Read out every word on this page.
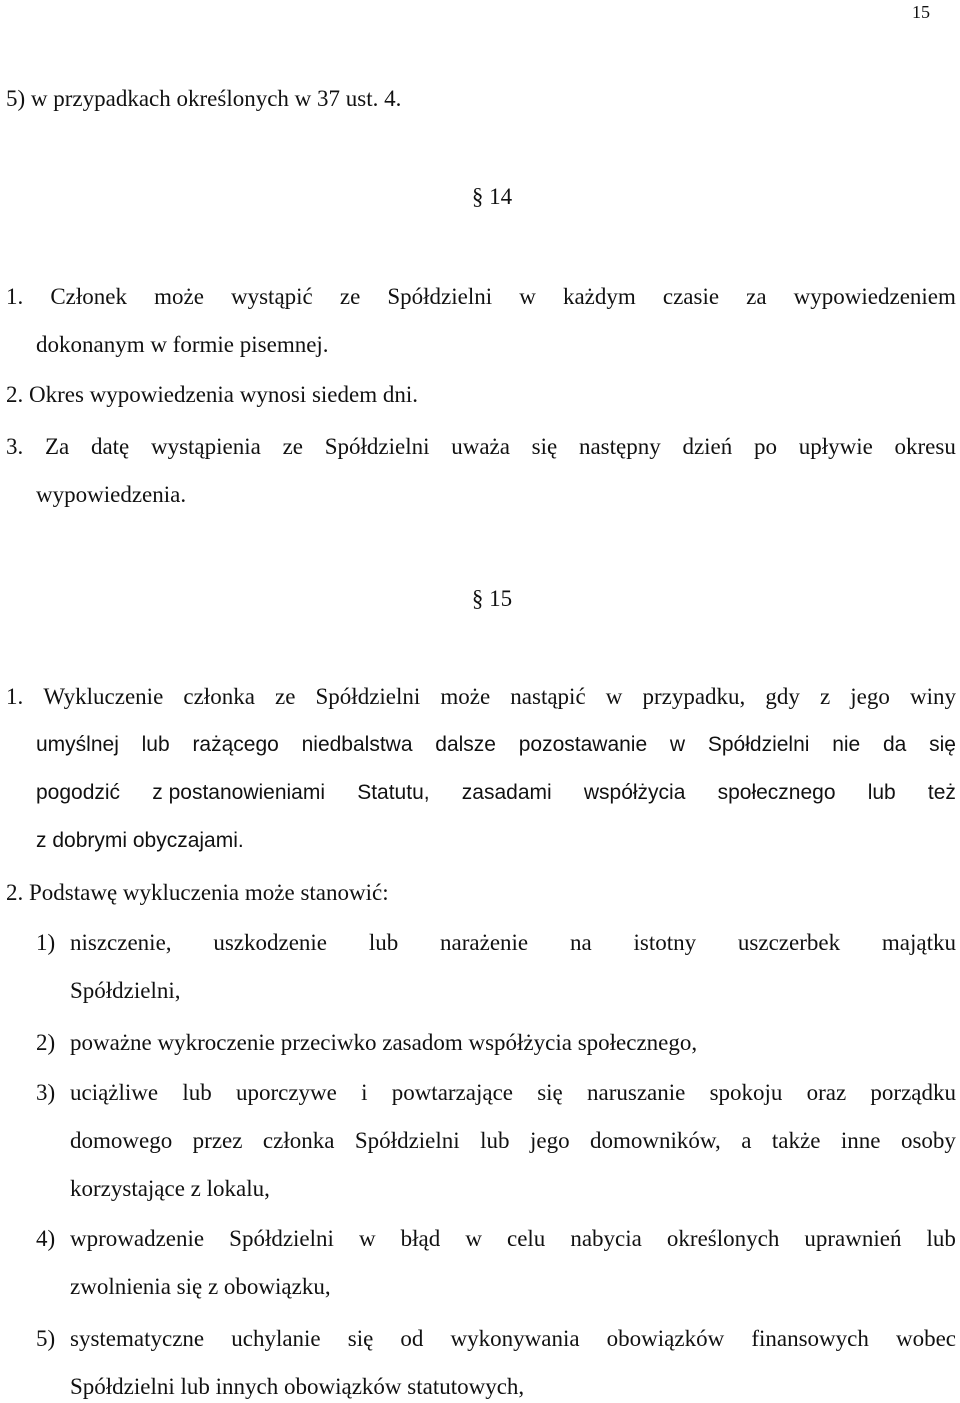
15
5) w przypadkach określonych w 37 ust. 4.
§ 14
1. Członek może wystąpić ze Spółdzielni w każdym czasie za wypowiedzeniem
dokonanym w formie pisemnej.
2. Okres wypowiedzenia wynosi siedem dni.
3. Za datę wystąpienia ze Spółdzielni uważa się następny dzień po upływie okresu
wypowiedzenia.
§ 15
1. Wykluczenie członka ze Spółdzielni może nastąpić w przypadku, gdy z jego winy
umyślnej lub rażącego niedbalstwa dalsze pozostawanie w Spółdzielni nie da się
pogodzić z postanowieniami Statutu, zasadami współżycia społecznego lub też
z dobrymi obyczajami.
2. Podstawę wykluczenia może stanowić:
1) niszczenie, uszkodzenie lub narażenie na istotny uszczerbek majątku
Spółdzielni,
2) poważne wykroczenie przeciwko zasadom współżycia społecznego,
3) uciążliwe lub uporczywe i powtarzające się naruszanie spokoju oraz porządku
domowego przez członka Spółdzielni lub jego domowników, a także inne osoby
korzystające z lokalu,
4) wprowadzenie Spółdzielni w błąd w celu nabycia określonych uprawnień lub
zwolnienia się z obowiązku,
5) systematyczne uchylanie się od wykonywania obowiązków finansowych wobec
Spółdzielni lub innych obowiązków statutowych,
